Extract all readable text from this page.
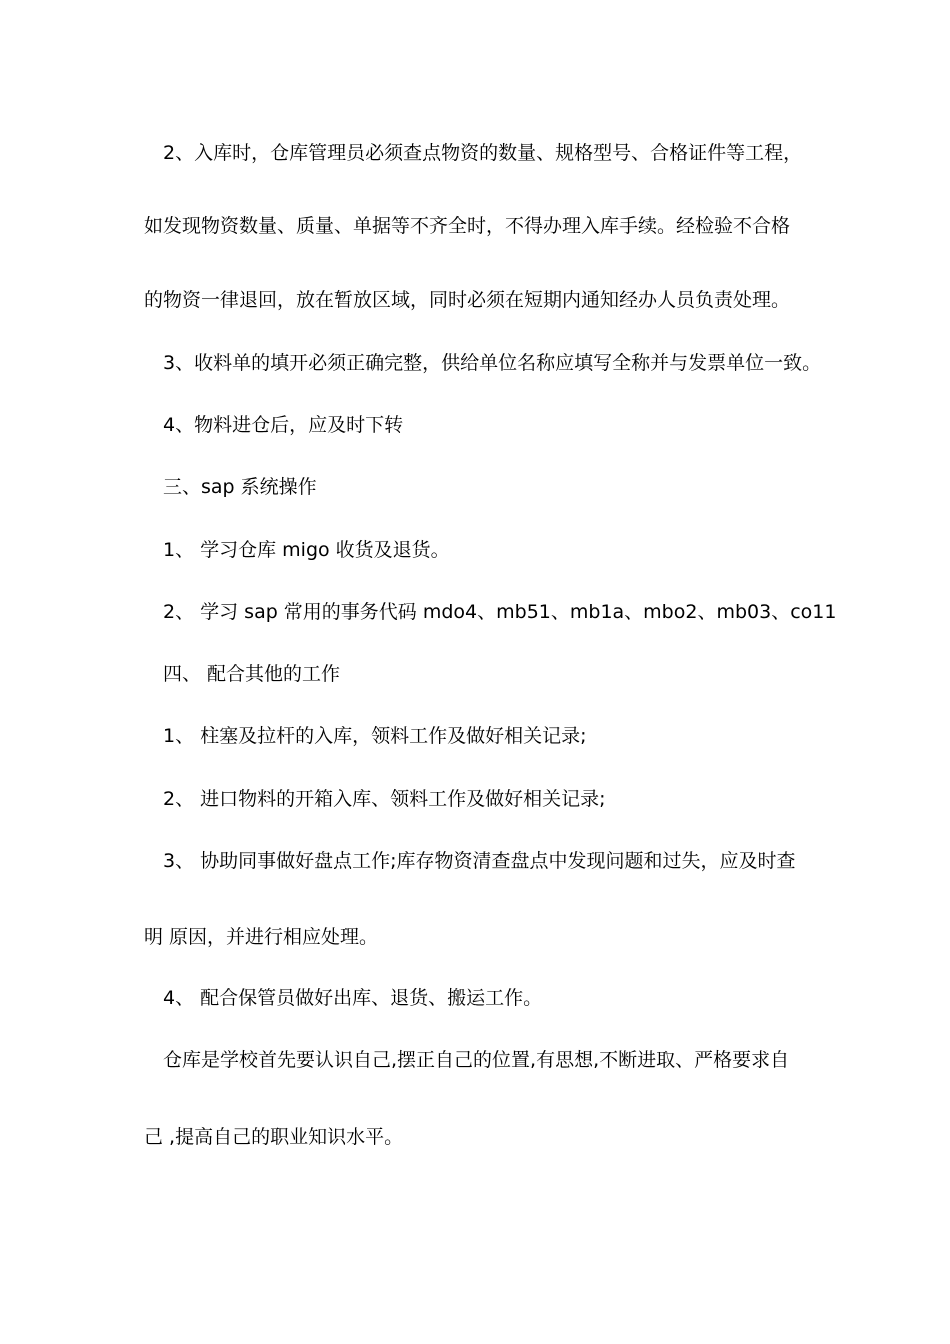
2、入库时，仓库管理员必须查点物资的数量、规格型号、合格证件等工程，
如发现物资数量、质量、单据等不齐全时，不得办理入库手续。经检验不合格
的物资一律退回，放在暂放区域，同时必须在短期内通知经办人员负责处理。
3、收料单的填开必须正确完整，供给单位名称应填写全称并与发票单位一致。
4、物料进仓后，应及时下转
三、sap 系统操作
1、 学习仓库 migo 收货及退货。
2、 学习 sap 常用的事务代码 mdo4、mb51、mb1a、mbo2、mb03、co11
四、 配合其他的工作
1、 柱塞及拉杆的入库，领料工作及做好相关记录;
2、 进口物料的开箱入库、领料工作及做好相关记录;
3、 协助同事做好盘点工作;库存物资清查盘点中发现问题和过失，应及时查
明 原因，并进行相应处理。
4、 配合保管员做好出库、退货、搬运工作。
仓库是学校首先要认识自己,摆正自己的位置,有思想,不断进取、严格要求自
己 ,提高自己的职业知识水平。
